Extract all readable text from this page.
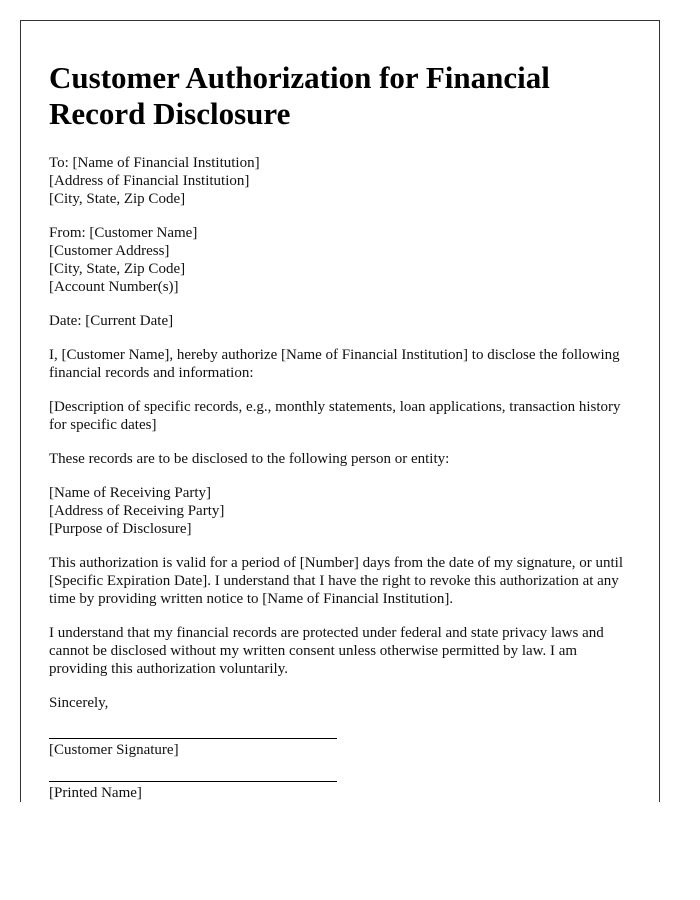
Customer Authorization for Financial Record Disclosure

To: [Name of Financial Institution]
[Address of Financial Institution]
[City, State, Zip Code]

From: [Customer Name]
[Customer Address]
[City, State, Zip Code]
[Account Number(s)]

Date: [Current Date]

I, [Customer Name], hereby authorize [Name of Financial Institution] to disclose the following financial records and information:

[Description of specific records, e.g., monthly statements, loan applications, transaction history for specific dates]

These records are to be disclosed to the following person or entity:

[Name of Receiving Party]
[Address of Receiving Party]
[Purpose of Disclosure]

This authorization is valid for a period of [Number] days from the date of my signature, or until [Specific Expiration Date]. I understand that I have the right to revoke this authorization at any time by providing written notice to [Name of Financial Institution].

I understand that my financial records are protected under federal and state privacy laws and cannot be disclosed without my written consent unless otherwise permitted by law. I am providing this authorization voluntarily.

Sincerely,

[Customer Signature]

[Printed Name]
